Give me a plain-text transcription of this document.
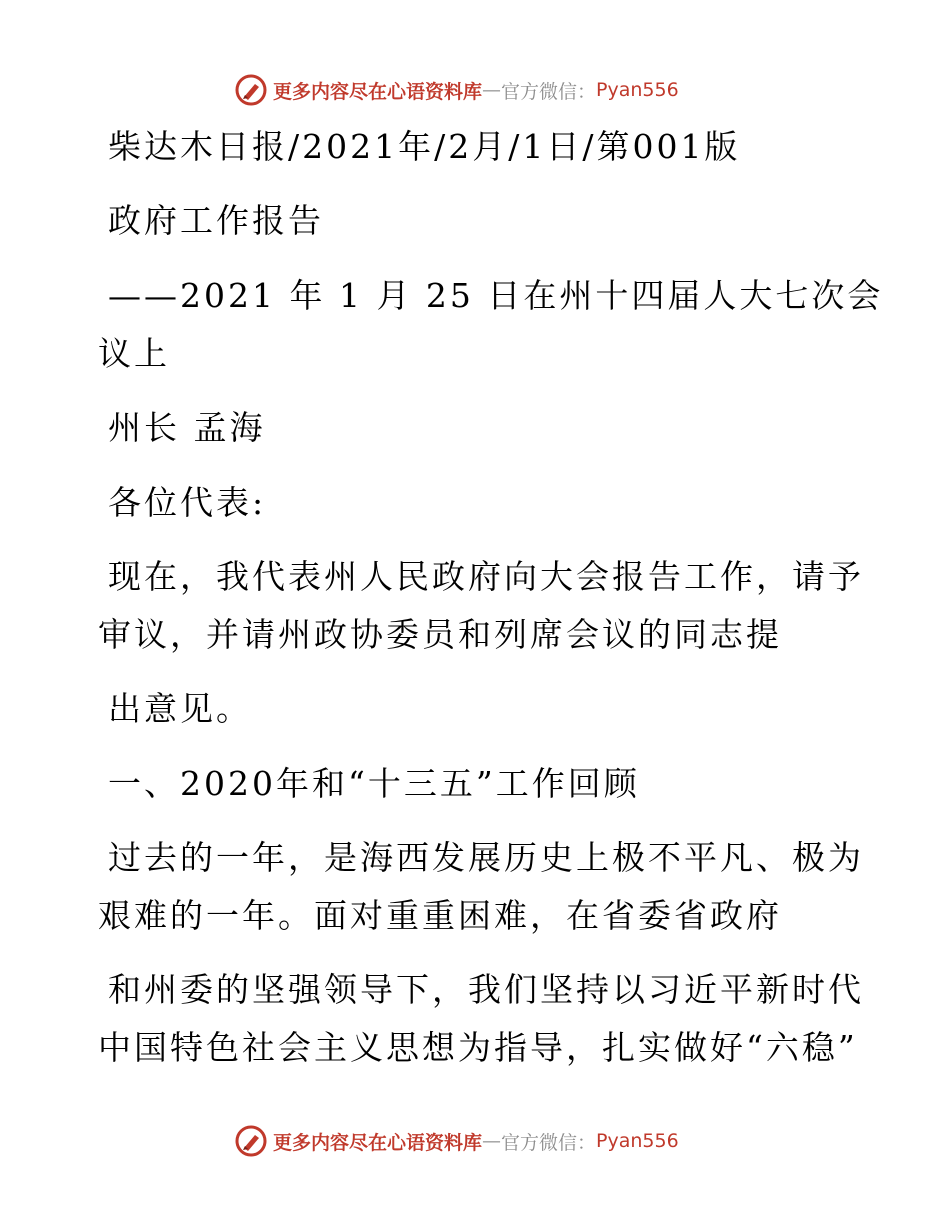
更多内容尽在心语资料库 — 官方微信： Pyan556
柴达木日报/2021年/2月/1日/第001版
政府工作报告
——2021 年 1 月 25 日在州十四届人大七次会
议上
州长 孟海
各位代表:
现在，我代表州人民政府向大会报告工作，请予
审议，并请州政协委员和列席会议的同志提
出意见。
一、2020年和“十三五”工作回顾
过去的一年，是海西发展历史上极不平凡、极为
艰难的一年。面对重重困难，在省委省政府
和州委的坚强领导下，我们坚持以习近平新时代
中国特色社会主义思想为指导，扎实做好“六稳”
更多内容尽在心语资料库 — 官方微信： Pyan556
